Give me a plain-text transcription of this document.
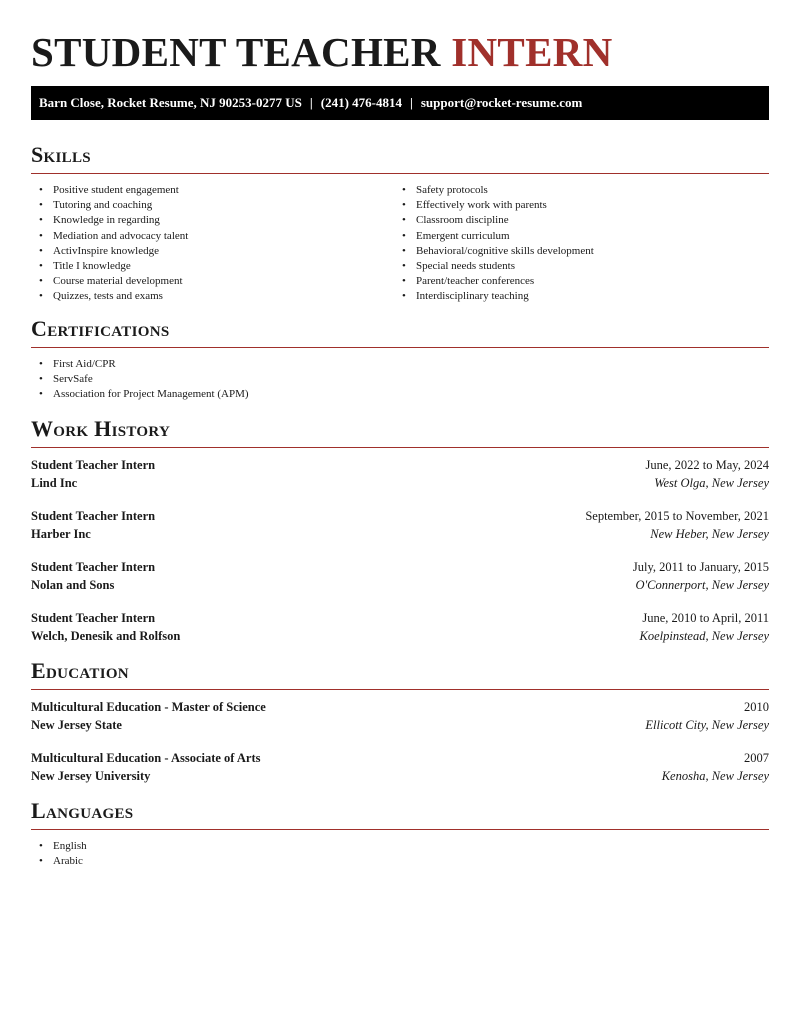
STUDENT TEACHER INTERN
Barn Close, Rocket Resume, NJ 90253-0277 US | (241) 476-4814 | support@rocket-resume.com
Skills
• Positive student engagement
• Tutoring and coaching
• Knowledge in regarding
• Mediation and advocacy talent
• ActivInspire knowledge
• Title I knowledge
• Course material development
• Quizzes, tests and exams
• Safety protocols
• Effectively work with parents
• Classroom discipline
• Emergent curriculum
• Behavioral/cognitive skills development
• Special needs students
• Parent/teacher conferences
• Interdisciplinary teaching
Certifications
• First Aid/CPR
• ServSafe
• Association for Project Management (APM)
Work History
Student Teacher Intern	June, 2022 to May, 2024
Lind Inc	West Olga, New Jersey
Student Teacher Intern	September, 2015 to November, 2021
Harber Inc	New Heber, New Jersey
Student Teacher Intern	July, 2011 to January, 2015
Nolan and Sons	O'Connerport, New Jersey
Student Teacher Intern	June, 2010 to April, 2011
Welch, Denesik and Rolfson	Koelpinstead, New Jersey
Education
Multicultural Education - Master of Science	2010
New Jersey State	Ellicott City, New Jersey
Multicultural Education - Associate of Arts	2007
New Jersey University	Kenosha, New Jersey
Languages
• English
• Arabic
